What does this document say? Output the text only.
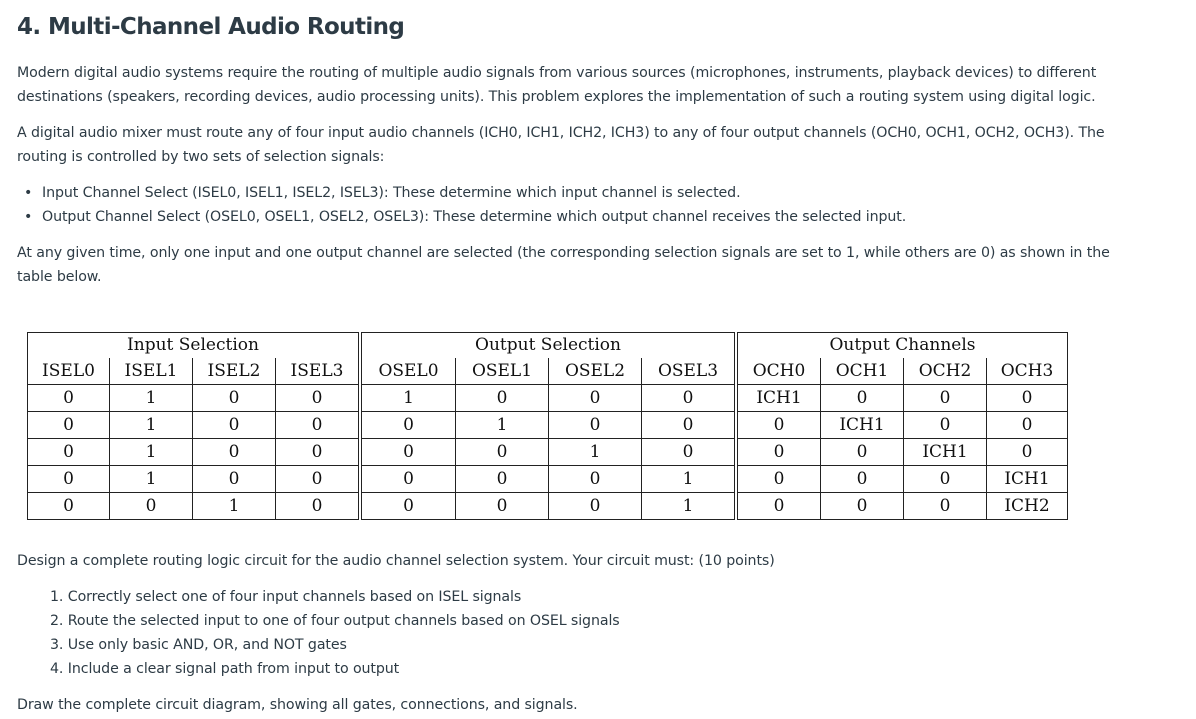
4. Multi-Channel Audio Routing

Modern digital audio systems require the routing of multiple audio signals from various sources (microphones, instruments, playback devices) to different destinations (speakers, recording devices, audio processing units). This problem explores the implementation of such a routing system using digital logic.

A digital audio mixer must route any of four input audio channels (ICH0, ICH1, ICH2, ICH3) to any of four output channels (OCH0, OCH1, OCH2, OCH3). The routing is controlled by two sets of selection signals:

• Input Channel Select (ISEL0, ISEL1, ISEL2, ISEL3): These determine which input channel is selected.
• Output Channel Select (OSEL0, OSEL1, OSEL2, OSEL3): These determine which output channel receives the selected input.

At any given time, only one input and one output channel are selected (the corresponding selection signals are set to 1, while others are 0) as shown in the table below.

Design a complete routing logic circuit for the audio channel selection system. Your circuit must: (10 points)

1. Correctly select one of four input channels based on ISEL signals
2. Route the selected input to one of four output channels based on OSEL signals
3. Use only basic AND, OR, and NOT gates
4. Include a clear signal path from input to output

Draw the complete circuit diagram, showing all gates, connections, and signals.

Input Selection				Output Selection				Output Channels			
ISEL0	ISEL1	ISEL2	ISEL3	OSEL0	OSEL1	OSEL2	OSEL3	OCH0	OCH1	OCH2	OCH3
0	1	0	0	1	0	0	0	ICH1	0	0	0
0	1	0	0	0	1	0	0	0	ICH1	0	0
0	1	0	0	0	0	1	0	0	0	ICH1	0
0	1	0	0	0	0	0	1	0	0	0	ICH1
0	0	1	0	0	0	0	1	0	0	0	ICH2
